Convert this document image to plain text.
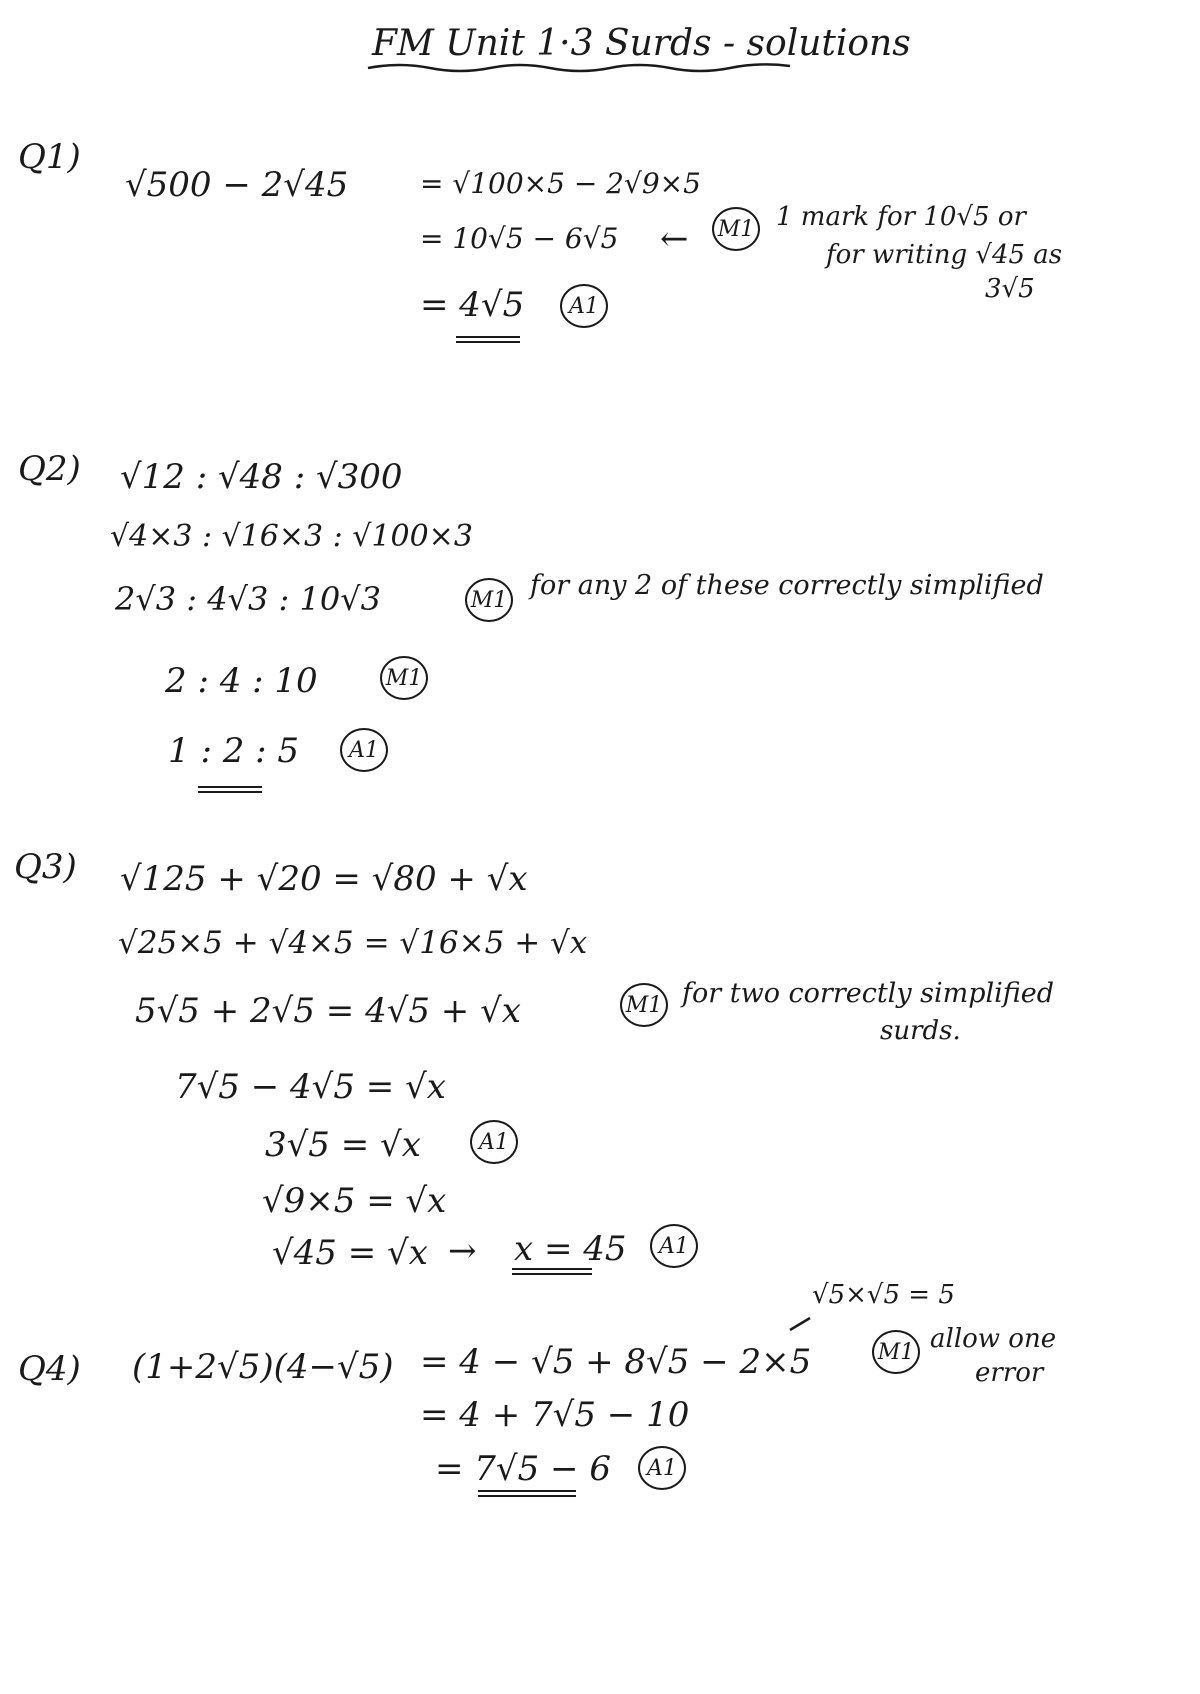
FM Unit 1·3 Surds - solutions
Q1)
√500 − 2√45	= √100×5 − 2√9×5
= 10√5 − 6√5 ← M1 1 mark for 10√5 or
for writing √45 as
3√5
= 4√5	A1
Q2) √12 : √48 : √300
√4×3 : √16×3 : √100×3
2√3 : 4√3 : 10√3	M1 for any 2 of these correctly simplified
2 : 4 : 10	M1
1 : 2 : 5	A1
Q3) √125 + √20 = √80 + √x
√25×5 + √4×5 = √16×5 + √x
5√5 + 2√5 = 4√5 + √x	M1 for two correctly simplified
surds.
7√5 − 4√5 = √x
3√5 = √x	A1
√9×5 = √x
√45 = √x → x = 45	A1
√5×√5 = 5
Q4) (1+2√5)(4−√5) = 4 − √5 + 8√5 − 2×5	M1 allow one
error
= 4 + 7√5 − 10
= 7√5 − 6	A1
